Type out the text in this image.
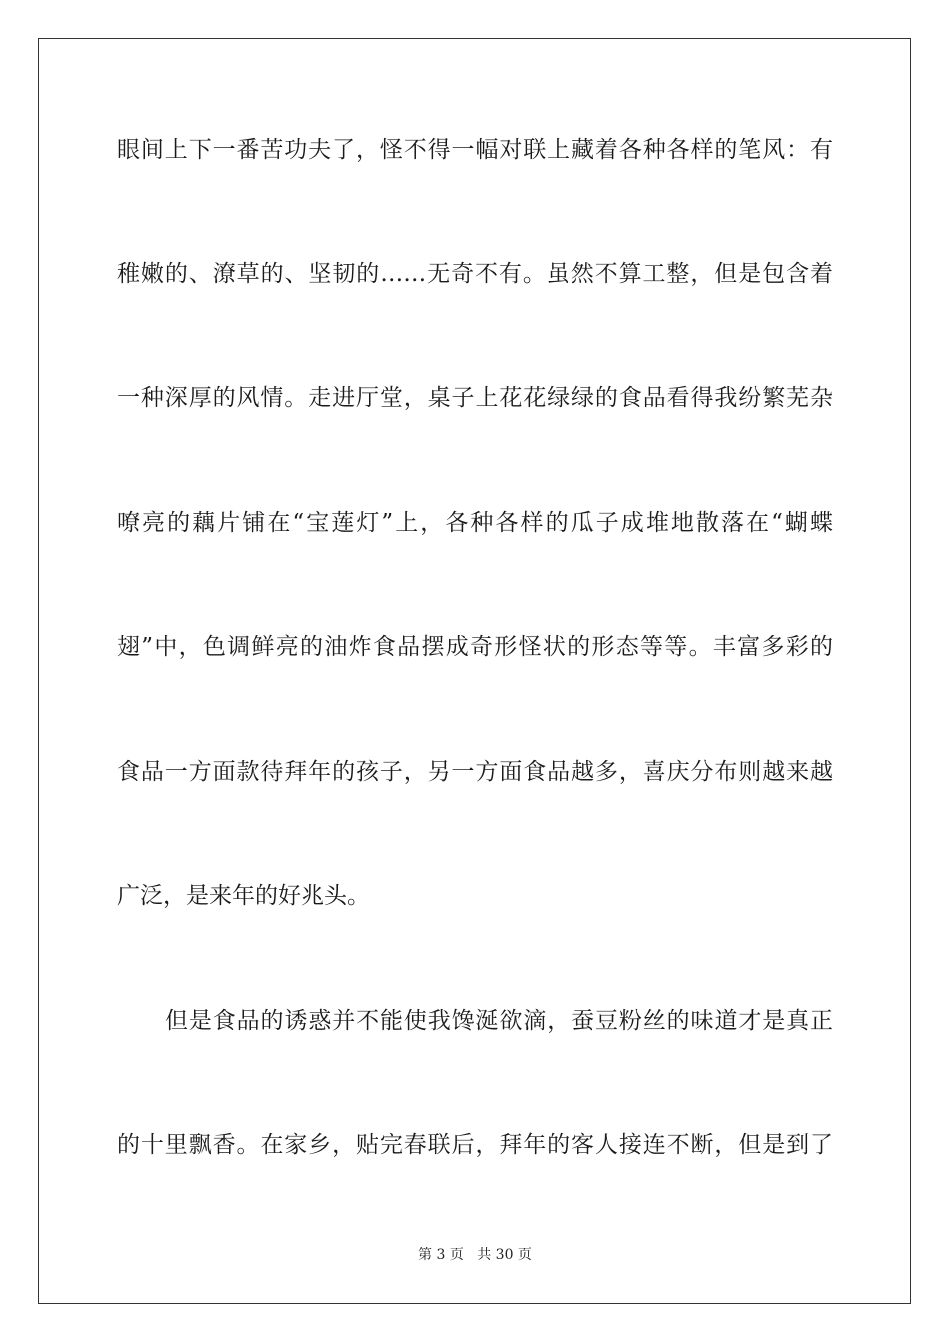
眼间上下一番苦功夫了，怪不得一幅对联上藏着各种各样的笔风：有
稚嫩的、潦草的、坚韧的……无奇不有。虽然不算工整，但是包含着
一种深厚的风情。走进厅堂，桌子上花花绿绿的食品看得我纷繁芜杂
嘹亮的藕片铺在“宝莲灯”上，各种各样的瓜子成堆地散落在“蝴蝶
翅”中，色调鲜亮的油炸食品摆成奇形怪状的形态等等。丰富多彩的
食品一方面款待拜年的孩子，另一方面食品越多，喜庆分布则越来越
广泛，是来年的好兆头。
但是食品的诱惑并不能使我馋涎欲滴，蚕豆粉丝的味道才是真正
的十里飘香。在家乡，贴完春联后，拜年的客人接连不断，但是到了
第 3 页 共 30 页
